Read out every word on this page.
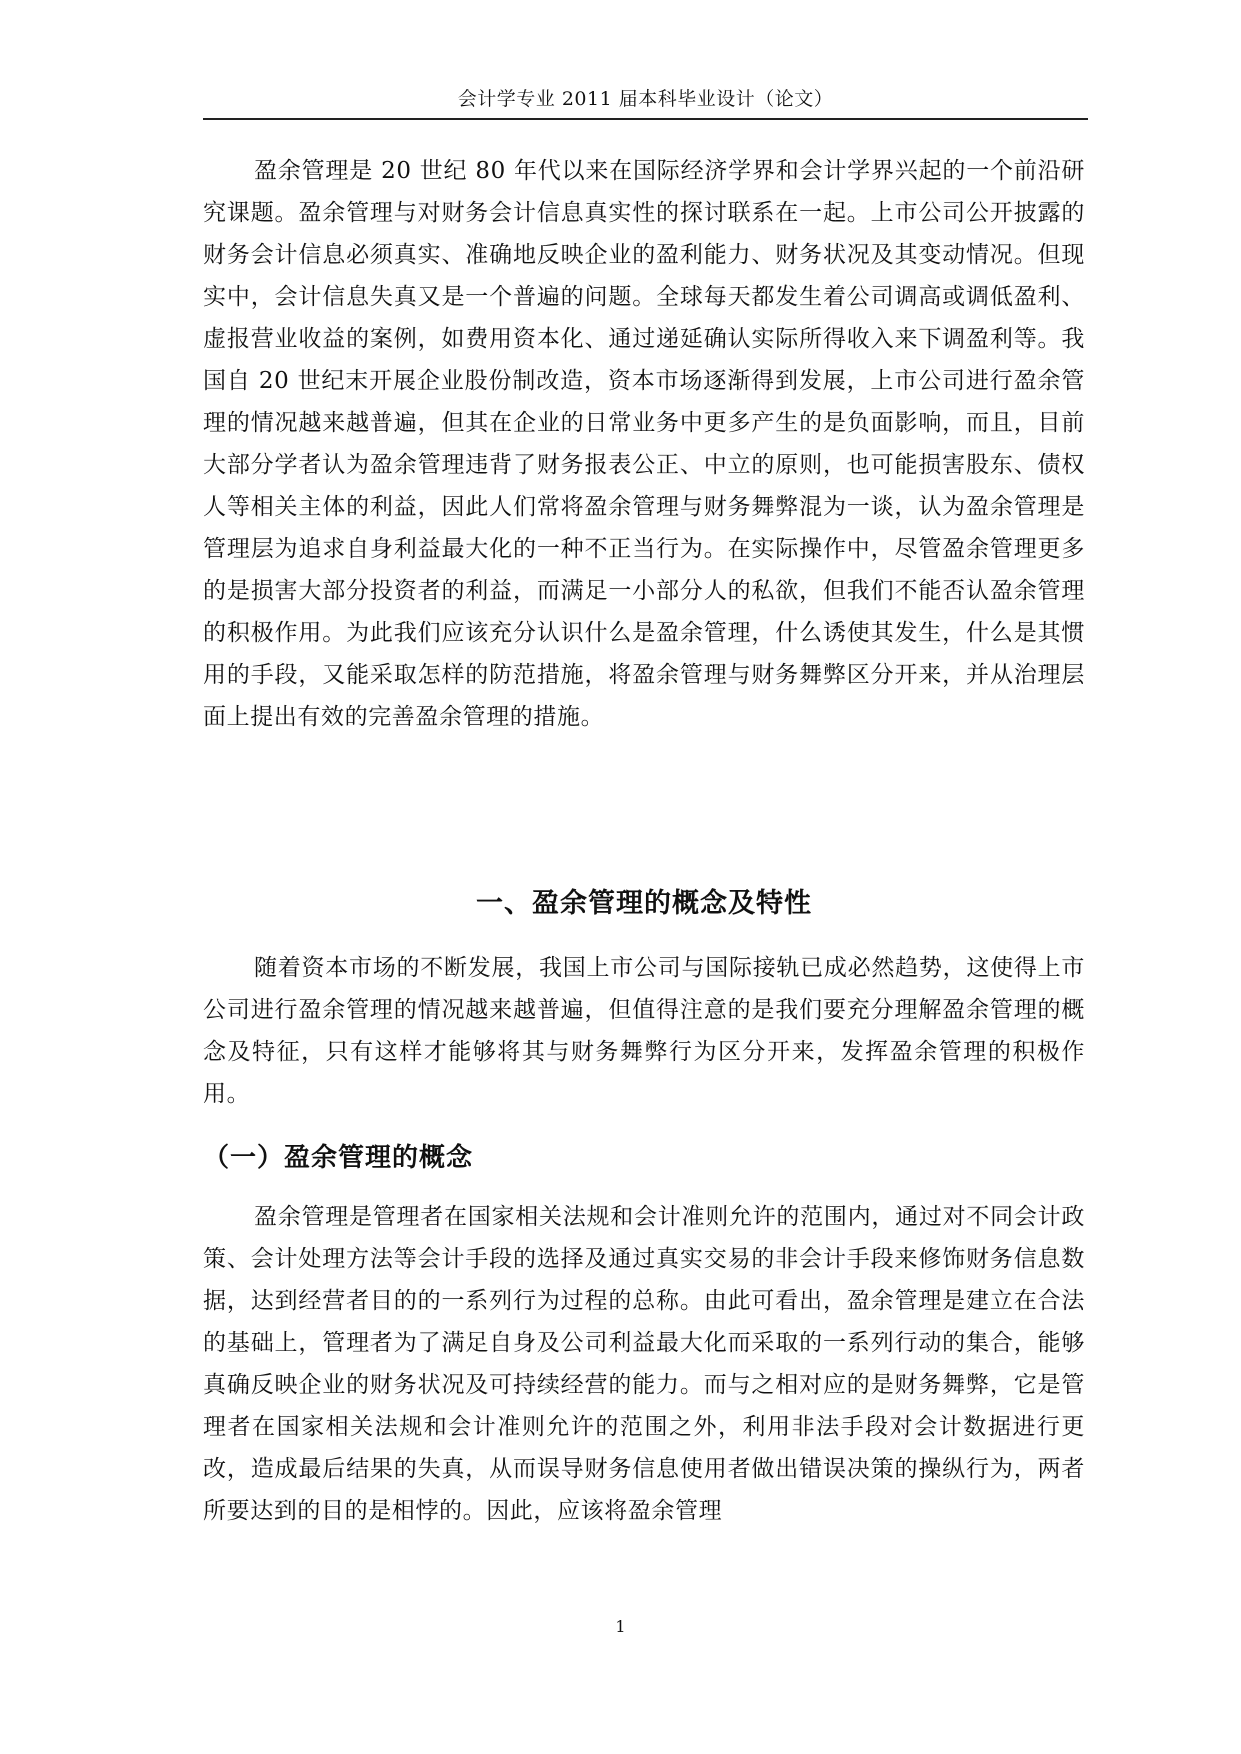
会计学专业 2011 届本科毕业设计（论文）

盈余管理是 20 世纪 80 年代以来在国际经济学界和会计学界兴起的一个前沿研究课题。盈余管理与对财务会计信息真实性的探讨联系在一起。上市公司公开披露的财务会计信息必须真实、准确地反映企业的盈利能力、财务状况及其变动情况。但现实中，会计信息失真又是一个普遍的问题。全球每天都发生着公司调高或调低盈利、虚报营业收益的案例，如费用资本化、通过递延确认实际所得收入来下调盈利等。我国自 20 世纪末开展企业股份制改造，资本市场逐渐得到发展，上市公司进行盈余管理的情况越来越普遍，但其在企业的日常业务中更多产生的是负面影响，而且，目前大部分学者认为盈余管理违背了财务报表公正、中立的原则，也可能损害股东、债权人等相关主体的利益，因此人们常将盈余管理与财务舞弊混为一谈，认为盈余管理是管理层为追求自身利益最大化的一种不正当行为。在实际操作中，尽管盈余管理更多的是损害大部分投资者的利益，而满足一小部分人的私欲，但我们不能否认盈余管理的积极作用。为此我们应该充分认识什么是盈余管理，什么诱使其发生，什么是其惯用的手段，又能采取怎样的防范措施，将盈余管理与财务舞弊区分开来，并从治理层面上提出有效的完善盈余管理的措施。

一、盈余管理的概念及特性

随着资本市场的不断发展，我国上市公司与国际接轨已成必然趋势，这使得上市公司进行盈余管理的情况越来越普遍，但值得注意的是我们要充分理解盈余管理的概念及特征，只有这样才能够将其与财务舞弊行为区分开来，发挥盈余管理的积极作用。

（一）盈余管理的概念

盈余管理是管理者在国家相关法规和会计准则允许的范围内，通过对不同会计政策、会计处理方法等会计手段的选择及通过真实交易的非会计手段来修饰财务信息数据，达到经营者目的的一系列行为过程的总称。由此可看出，盈余管理是建立在合法的基础上，管理者为了满足自身及公司利益最大化而采取的一系列行动的集合，能够真确反映企业的财务状况及可持续经营的能力。而与之相对应的是财务舞弊，它是管理者在国家相关法规和会计准则允许的范围之外，利用非法手段对会计数据进行更改，造成最后结果的失真，从而误导财务信息使用者做出错误决策的操纵行为，两者所要达到的目的是相悖的。因此，应该将盈余管理

1
